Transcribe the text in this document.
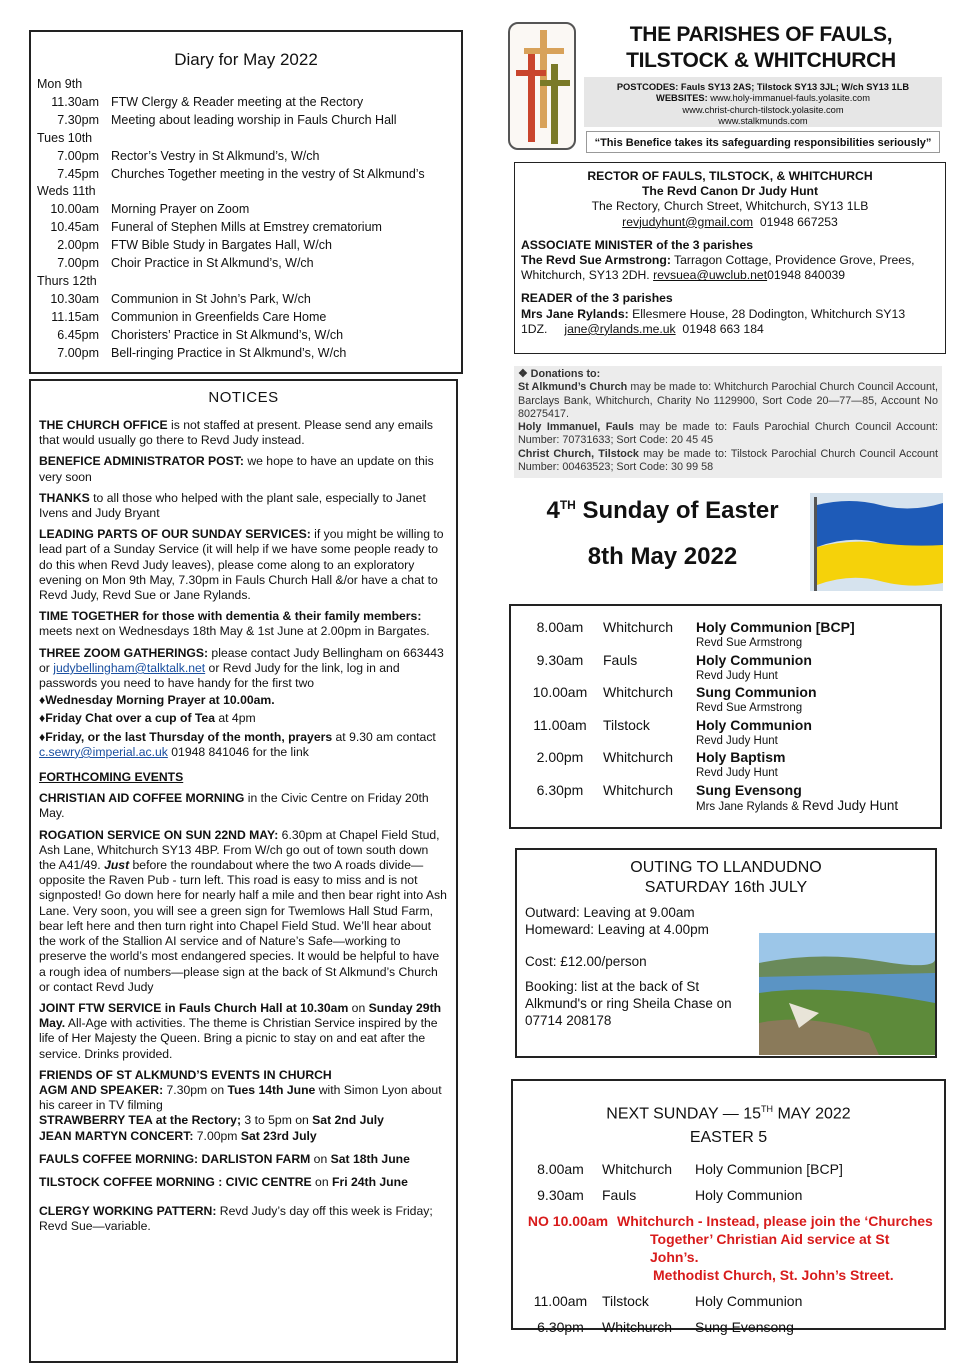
Diary for May 2022
Mon 9th
11.30am FTW Clergy & Reader meeting at the Rectory
7.30pm Meeting about leading worship in Fauls Church Hall
Tues 10th
7.00pm Rector’s Vestry in St Alkmund’s, W/ch
7.45pm Churches Together meeting in the vestry of St Alkmund’s
Weds 11th
10.00am Morning Prayer on Zoom
10.45am Funeral of Stephen Mills at Emstrey crematorium
2.00pm FTW Bible Study in Bargates Hall, W/ch
7.00pm Choir Practice in St Alkmund’s, W/ch
Thurs 12th
10.30am Communion in St John’s Park, W/ch
11.15am Communion in Greenfields Care Home
6.45pm Choristers’ Practice in St Alkmund’s, W/ch
7.00pm Bell-ringing Practice in St Alkmund’s, W/ch
NOTICES

THE CHURCH OFFICE is not staffed at present. Please send any emails that would usually go there to Revd Judy instead.

BENEFICE ADMINISTRATOR POST: we hope to have an update on this very soon

THANKS to all those who helped with the plant sale, especially to Janet Ivens and Judy Bryant

LEADING PARTS OF OUR SUNDAY SERVICES: if you might be willing to lead part of a Sunday Service (it will help if we have some people ready to do this when Revd Judy leaves), please come along to an exploratory evening on Mon 9th May, 7.30pm in Fauls Church Hall &/or have a chat to Revd Judy, Revd Sue or Jane Rylands.

TIME TOGETHER for those with dementia & their family members: meets next on Wednesdays 18th May & 1st June at 2.00pm in Bargates.

THREE ZOOM GATHERINGS: please contact Judy Bellingham on 663443 or judybellingham@talktalk.net or Revd Judy for the link, log in and passwords you need to have handy for the first two

♦Wednesday Morning Prayer at 10.00am.

♦Friday Chat over a cup of Tea at 4pm

♦Friday, or the last Thursday of the month, prayers at 9.30 am contact c.sewry@imperial.ac.uk 01948 841046 for the link

FORTHCOMING EVENTS

CHRISTIAN AID COFFEE MORNING in the Civic Centre on Friday 20th May.

ROGATION SERVICE ON SUN 22ND MAY: 6.30pm at Chapel Field Stud, Ash Lane, Whitchurch SY13 4BP. From W/ch go out of town south down the A41/49. Just before the roundabout where the two A roads divide—opposite the Raven Pub - turn left. This road is easy to miss and is not signposted! Go down here for nearly half a mile and then bear right into Ash Lane. Very soon, you will see a green sign for Twemlows Hall Stud Farm, bear left here and then turn right into Chapel Field Stud. We’ll hear about the work of the Stallion AI service and of Nature’s Safe—working to preserve the world’s most endangered species. It would be helpful to have a rough idea of numbers—please sign at the back of St Alkmund’s Church or contact Revd Judy

JOINT FTW SERVICE in Fauls Church Hall at 10.30am on Sunday 29th May. All-Age with activities. The theme is Christian Service inspired by the life of Her Majesty the Queen. Bring a picnic to stay on and eat after the service. Drinks provided.

FRIENDS OF ST ALKMUND’S EVENTS IN CHURCH

AGM AND SPEAKER: 7.30pm on Tues 14th June with Simon Lyon about his career in TV filming

STRAWBERRY TEA at the Rectory; 3 to 5pm on Sat 2nd July

JEAN MARTYN CONCERT: 7.00pm Sat 23rd July

FAULS COFFEE MORNING: DARLISTON FARM on Sat 18th June

TILSTOCK COFFEE MORNING : CIVIC CENTRE on Fri 24th June

CLERGY WORKING PATTERN: Revd Judy’s day off this week is Friday; Revd Sue—variable.

THE PARISHES OF FAULS,
TILSTOCK & WHITCHURCH
POSTCODES: Fauls SY13 2AS; Tilstock SY13 3JL; W/ch SY13 1LB
WEBSITES: www.holy-immanuel-fauls.yolasite.com
www.christ-church-tilstock.yolasite.com
www.stalkmunds.com
“This Benefice takes its safeguarding responsibilities seriously”
RECTOR OF FAULS, TILSTOCK, & WHITCHURCH
The Revd Canon Dr Judy Hunt
The Rectory, Church Street, Whitchurch, SY13 1LB
revjudyhunt@gmail.com 01948 667253
ASSOCIATE MINISTER of the 3 parishes
The Revd Sue Armstrong: Tarragon Cottage, Providence Grove, Prees, Whitchurch, SY13 2DH. revsuea@uwclub.net01948 840039
READER of the 3 parishes
Mrs Jane Rylands: Ellesmere House, 28 Dodington, Whitchurch SY13 1DZ. jane@rylands.me.uk 01948 663 184
❖ Donations to:
St Alkmund’s Church may be made to: Whitchurch Parochial Church Council Account, Barclays Bank, Whitchurch, Charity No 1129900, Sort Code 20—77—85, Account No 80275417.
Holy Immanuel, Fauls may be made to: Fauls Parochial Church Council Account: Number: 70731633; Sort Code: 20 45 45
Christ Church, Tilstock may be made to: Tilstock Parochial Church Council Account Number: 00463523; Sort Code: 30 99 58
4TH Sunday of Easter
8th May 2022
8.00am	Whitchurch	Holy Communion [BCP]
Revd Sue Armstrong
9.30am	Fauls	Holy Communion
Revd Judy Hunt
10.00am	Whitchurch	Sung Communion
Revd Sue Armstrong
11.00am	Tilstock	Holy Communion
Revd Judy Hunt
2.00pm	Whitchurch	Holy Baptism
Revd Judy Hunt
6.30pm	Whitchurch	Sung Evensong
Mrs Jane Rylands & Revd Judy Hunt
OUTING TO LLANDUDNO
SATURDAY 16th JULY

Outward: Leaving at 9.00am

Homeward: Leaving at 4.00pm

Cost: £12.00/person

Booking: list at the back of St Alkmund's or ring Sheila Chase on 07714 208178

NEXT SUNDAY — 15TH MAY 2022
EASTER 5
8.00am	Whitchurch	Holy Communion [BCP]
9.30am	Fauls	Holy Communion
NO 10.00am Whitchurch - Instead, please join the ‘Churches
Together’ Christian Aid service at St John’s.
Methodist Church, St. John’s Street.
11.00am	Tilstock	Holy Communion
6.30pm	Whitchurch	Sung Evensong
